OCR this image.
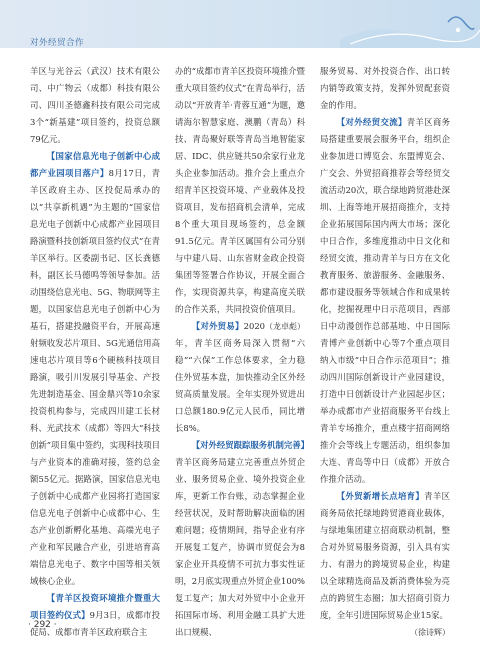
对外经贸合作

羊区与光谷云（武汉）技术有限公司、中广物云（成都）科技有限公司、四川圣德鑫科技有限公司完成3个“新基建”项目签约，投资总额79亿元。

【国家信息光电子创新中心成都产业园项目落户】8月17日，青羊区政府主办、区投促局承办的以“共享新机遇”为主题的“国家信息光电子创新中心成都产业园项目路演暨科技创新项目签约仪式”在青羊区举行。区委副书记、区长龚德科，副区长马德鸣等领导参加。活动围绕信息光电、5G、物联网等主题，以国家信息光电子创新中心为基石，搭建投融资平台，开展高速射频收发芯片项目、5G光通信用高速电芯片项目等6个硬核科技项目路演，吸引川发展引导基金、产投先进制造基金、国金鼎兴等10余家投资机构参与，完成四川建工长材科、光武技术（成都）等四大“科技创新”项目集中签约，实现科技项目与产业资本的准确对接，签约总金额55亿元。据路演，国家信息光电子创新中心成都产业园将打造国家信息光电子创新中心成都中心、生态产业创新孵化基地、高端光电子产业和军民融合产业，引进培育高端信息光电子、数字中国等相关领域核心企业。

【青羊区投资环境推介暨重大项目签约仪式】9月3日，成都市投促局、成都市青羊区政府联合主

办的“成都市青羊区投资环境推介暨重大项目签约仪式”在青岛举行，活动以“开放青羊·青蓉互通”为题，邀请海尔智慧家庭、澳鹏（青岛）科技、青岛聚好联等青岛当地智能家居、IDC、供应链共50余家行业龙头企业参加活动。推介会上重点介绍青羊区投资环境、产业载体及投资项目，发布招商机会清单，完成8个重大项目现场签约，总金额91.5亿元。青羊区属国有公司分别与中建八局、山东省财金政企投资集团等签署合作协议，开展全面合作，实现资源共享，构建高度关联的合作关系，共同投资价值项目。
（龙卓彪）

【对外贸易】2020年，青羊区商务局深入贯彻“六稳”“六保”工作总体要求，全力稳住外贸基本盘，加快推动全区外经贸高质量发展。全年实现外贸进出口总额180.9亿元人民币，同比增长8%。

【对外经贸跟踪服务机制完善】青羊区商务局建立完善重点外贸企业、服务贸易企业、境外投资企业库，更新工作台账，动态掌握企业经营状况，及时帮助解决面临的困难问题；疫情期间，指导企业有序开展复工复产，协调市贸促会为8家企业开具疫情不可抗力事实性证明，2月底实现重点外贸企业100%复工复产；加大对外贸中小企业开拓国际市场、利用金融工具扩大进出口规模、

服务贸易、对外投资合作、出口转内销等政策支持，发挥外贸配套资金的作用。

【对外经贸交流】青羊区商务局搭建重要展会服务平台，组织企业参加进口博览会、东盟博览会、广交会、外贸招商推荐会等经贸交流活动20次，联合绿地跨贸港赴深圳、上海等地开展招商推介，支持企业拓展国际国内两大市场；深化中日合作，多维度推动中日文化和经贸交流，推动青羊与日方在文化教育服务、旅游服务、金融服务、都市建设服务等领域合作和成果转化，挖掘视理中日示范项目，西部日中动漫创作总部基地、中日国际青博产业创新中心等7个重点项目纳入市级“中日合作示范项目”；推动四川国际创新设计产业园建设，打造中日创新设计产业园起步区；举办成都市产业招商服务平台线上青羊专场推介，重点楼宇招商网络推介会等线上专题活动，组织参加大连、青岛等中日（成都）开放合作推介活动。

【外贸新增长点培育】青羊区商务局依托绿地跨贸港商业载体，与绿地集团建立招商联动机制，整合对外贸易服务资源，引入具有实力、有潜力的跨境贸易企业，构建以全球精选商品及新消费体验为亮点的跨贸生态圈；加大招商引资力度，全年引进国际贸易企业15家。
（徐诗辉）

· 292 ·
